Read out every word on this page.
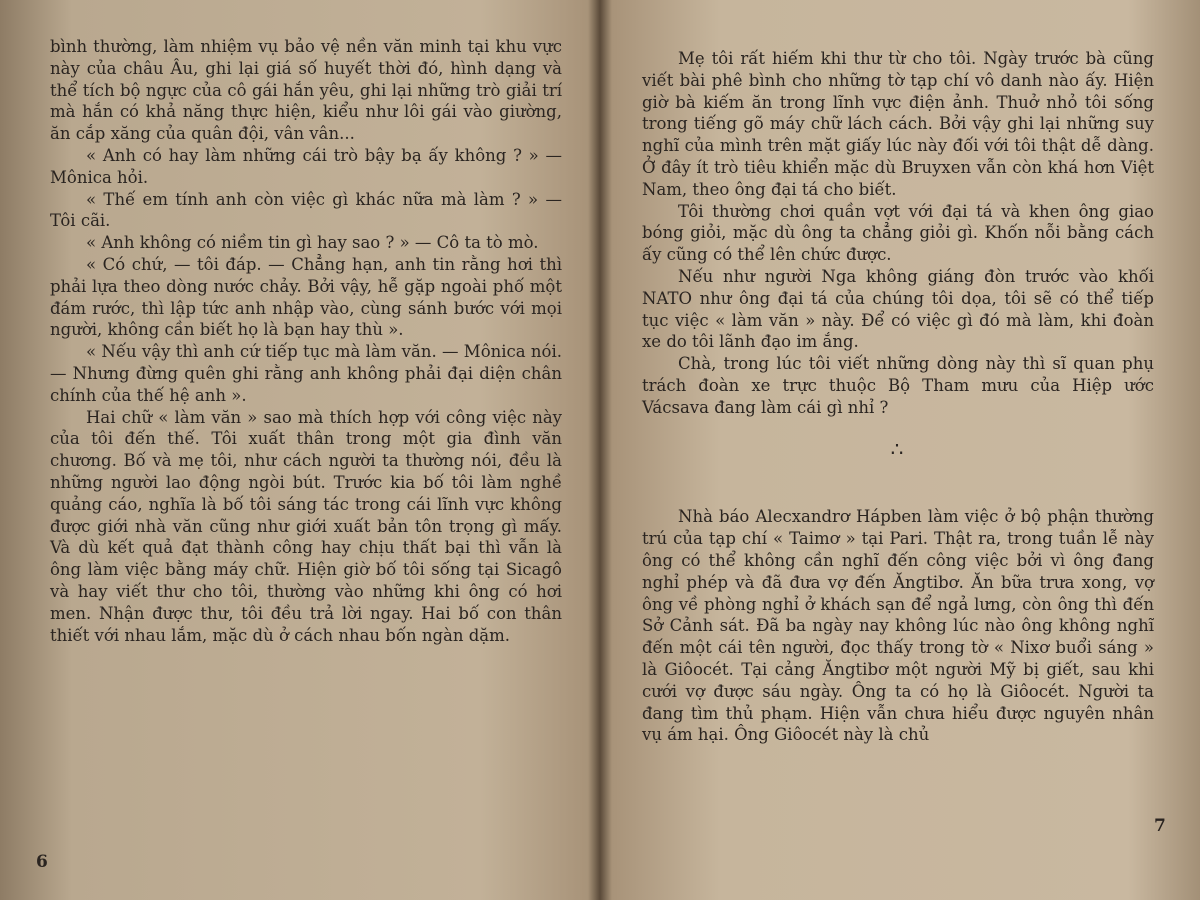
bình thường, làm nhiệm vụ bảo vệ nền văn minh tại khu vực này của châu Âu, ghi lại giá số huyết thời đó, hình dạng và thể tích bộ ngực của cô gái hắn yêu, ghi lại những trò giải trí mà hắn có khả năng thực hiện, kiểu như lôi gái vào giường, ăn cắp xăng của quân đội, vân vân...

« Anh có hay làm những cái trò bậy bạ ấy không ? » — Mônica hỏi.

« Thế em tính anh còn việc gì khác nữa mà làm ? » — Tôi cãi.

« Anh không có niềm tin gì hay sao ? » — Cô ta tò mò.

« Có chứ, — tôi đáp. — Chẳng hạn, anh tin rằng hơi thì phải lựa theo dòng nước chảy. Bởi vậy, hễ gặp ngoài phố một đám rước, thì lập tức anh nhập vào, cùng sánh bước với mọi người, không cần biết họ là bạn hay thù ».

« Nếu vậy thì anh cứ tiếp tục mà làm văn. — Mônica nói. — Nhưng đừng quên ghi rằng anh không phải đại diện chân chính của thế hệ anh ».

Hai chữ « làm văn » sao mà thích hợp với công việc này của tôi đến thế. Tôi xuất thân trong một gia đình văn chương. Bố và mẹ tôi, như cách người ta thường nói, đều là những người lao động ngòi bút. Trước kia bố tôi làm nghề quảng cáo, nghĩa là bố tôi sáng tác trong cái lĩnh vực không được giới nhà văn cũng như giới xuất bản tôn trọng gì mấy. Và dù kết quả đạt thành công hay chịu thất bại thì vẫn là ông làm việc bằng máy chữ. Hiện giờ bố tôi sống tại Sicagô và hay viết thư cho tôi, thường vào những khi ông có hơi men. Nhận được thư, tôi đều trả lời ngay. Hai bố con thân thiết với nhau lắm, mặc dù ở cách nhau bốn ngàn dặm.

6

Mẹ tôi rất hiếm khi thư từ cho tôi. Ngày trước bà cũng viết bài phê bình cho những tờ tạp chí vô danh nào ấy. Hiện giờ bà kiếm ăn trong lĩnh vực điện ảnh. Thuở nhỏ tôi sống trong tiếng gõ máy chữ lách cách. Bởi vậy ghi lại những suy nghĩ của mình trên mặt giấy lúc này đối với tôi thật dễ dàng. Ở đây ít trò tiêu khiển mặc dù Bruyxen vẫn còn khá hơn Việt Nam, theo ông đại tá cho biết.

Tôi thường chơi quần vợt với đại tá và khen ông giao bóng giỏi, mặc dù ông ta chẳng giỏi gì. Khốn nỗi bằng cách ấy cũng có thể lên chức được.

Nếu như người Nga không giáng đòn trước vào khối NATO như ông đại tá của chúng tôi dọa, tôi sẽ có thể tiếp tục việc « làm văn » này. Để có việc gì đó mà làm, khi đoàn xe do tôi lãnh đạo im ắng.

Chà, trong lúc tôi viết những dòng này thì sĩ quan phụ trách đoàn xe trực thuộc Bộ Tham mưu của Hiệp ước Vácsava đang làm cái gì nhỉ ?

∴

Nhà báo Alecxandrơ Hápben làm việc ở bộ phận thường trú của tạp chí « Taimơ » tại Pari. Thật ra, trong tuần lễ này ông có thể không cần nghĩ đến công việc bởi vì ông đang nghỉ phép và đã đưa vợ đến Ăngtibơ. Ăn bữa trưa xong, vợ ông về phòng nghỉ ở khách sạn để ngả lưng, còn ông thì đến Sở Cảnh sát. Đã ba ngày nay không lúc nào ông không nghĩ đến một cái tên người, đọc thấy trong tờ « Nixơ buổi sáng » là Giôocét. Tại cảng Ăngtibơ một người Mỹ bị giết, sau khi cưới vợ được sáu ngày. Ông ta có họ là Giôocét. Người ta đang tìm thủ phạm. Hiện vẫn chưa hiểu được nguyên nhân vụ ám hại. Ông Giôocét này là chủ

7
